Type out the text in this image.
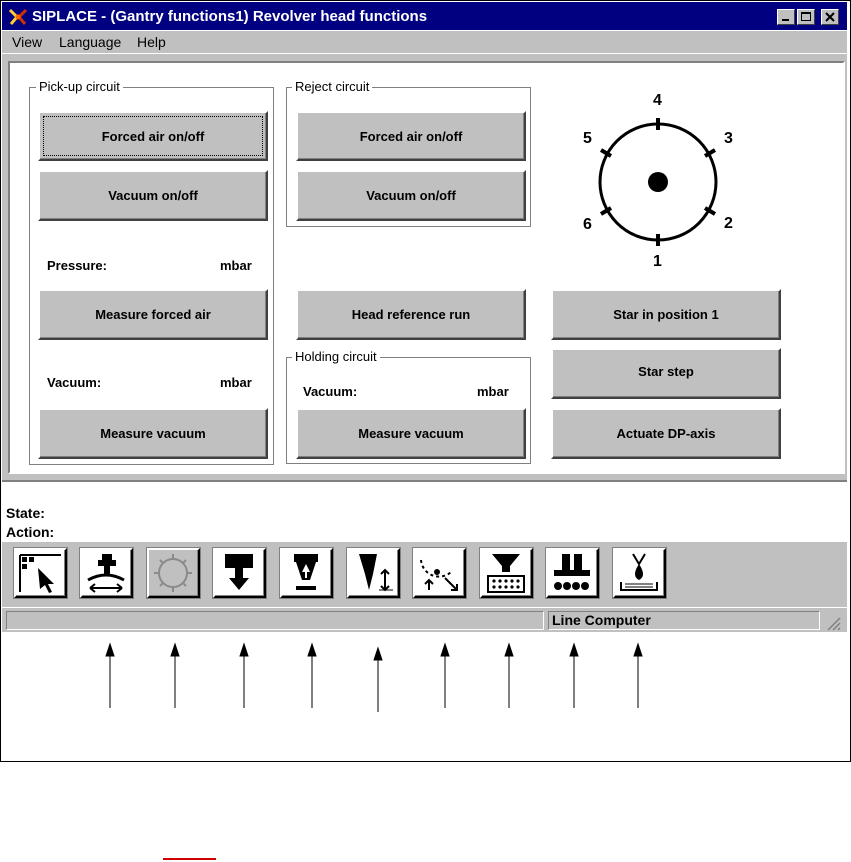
SIPLACE - (Gantry functions1) Revolver head functions
View Language Help
Pick-up circuit
Forced air on/off
Vacuum on/off
Pressure:	mbar
Measure forced air
Vacuum:	mbar
Measure vacuum
Reject circuit
Forced air on/off
Vacuum on/off
Head reference run
Holding circuit
Vacuum:	mbar
Measure vacuum
Star in position 1
Star step
Actuate DP-axis
1
2
3
4
5
6
State:
Action:
Line Computer
